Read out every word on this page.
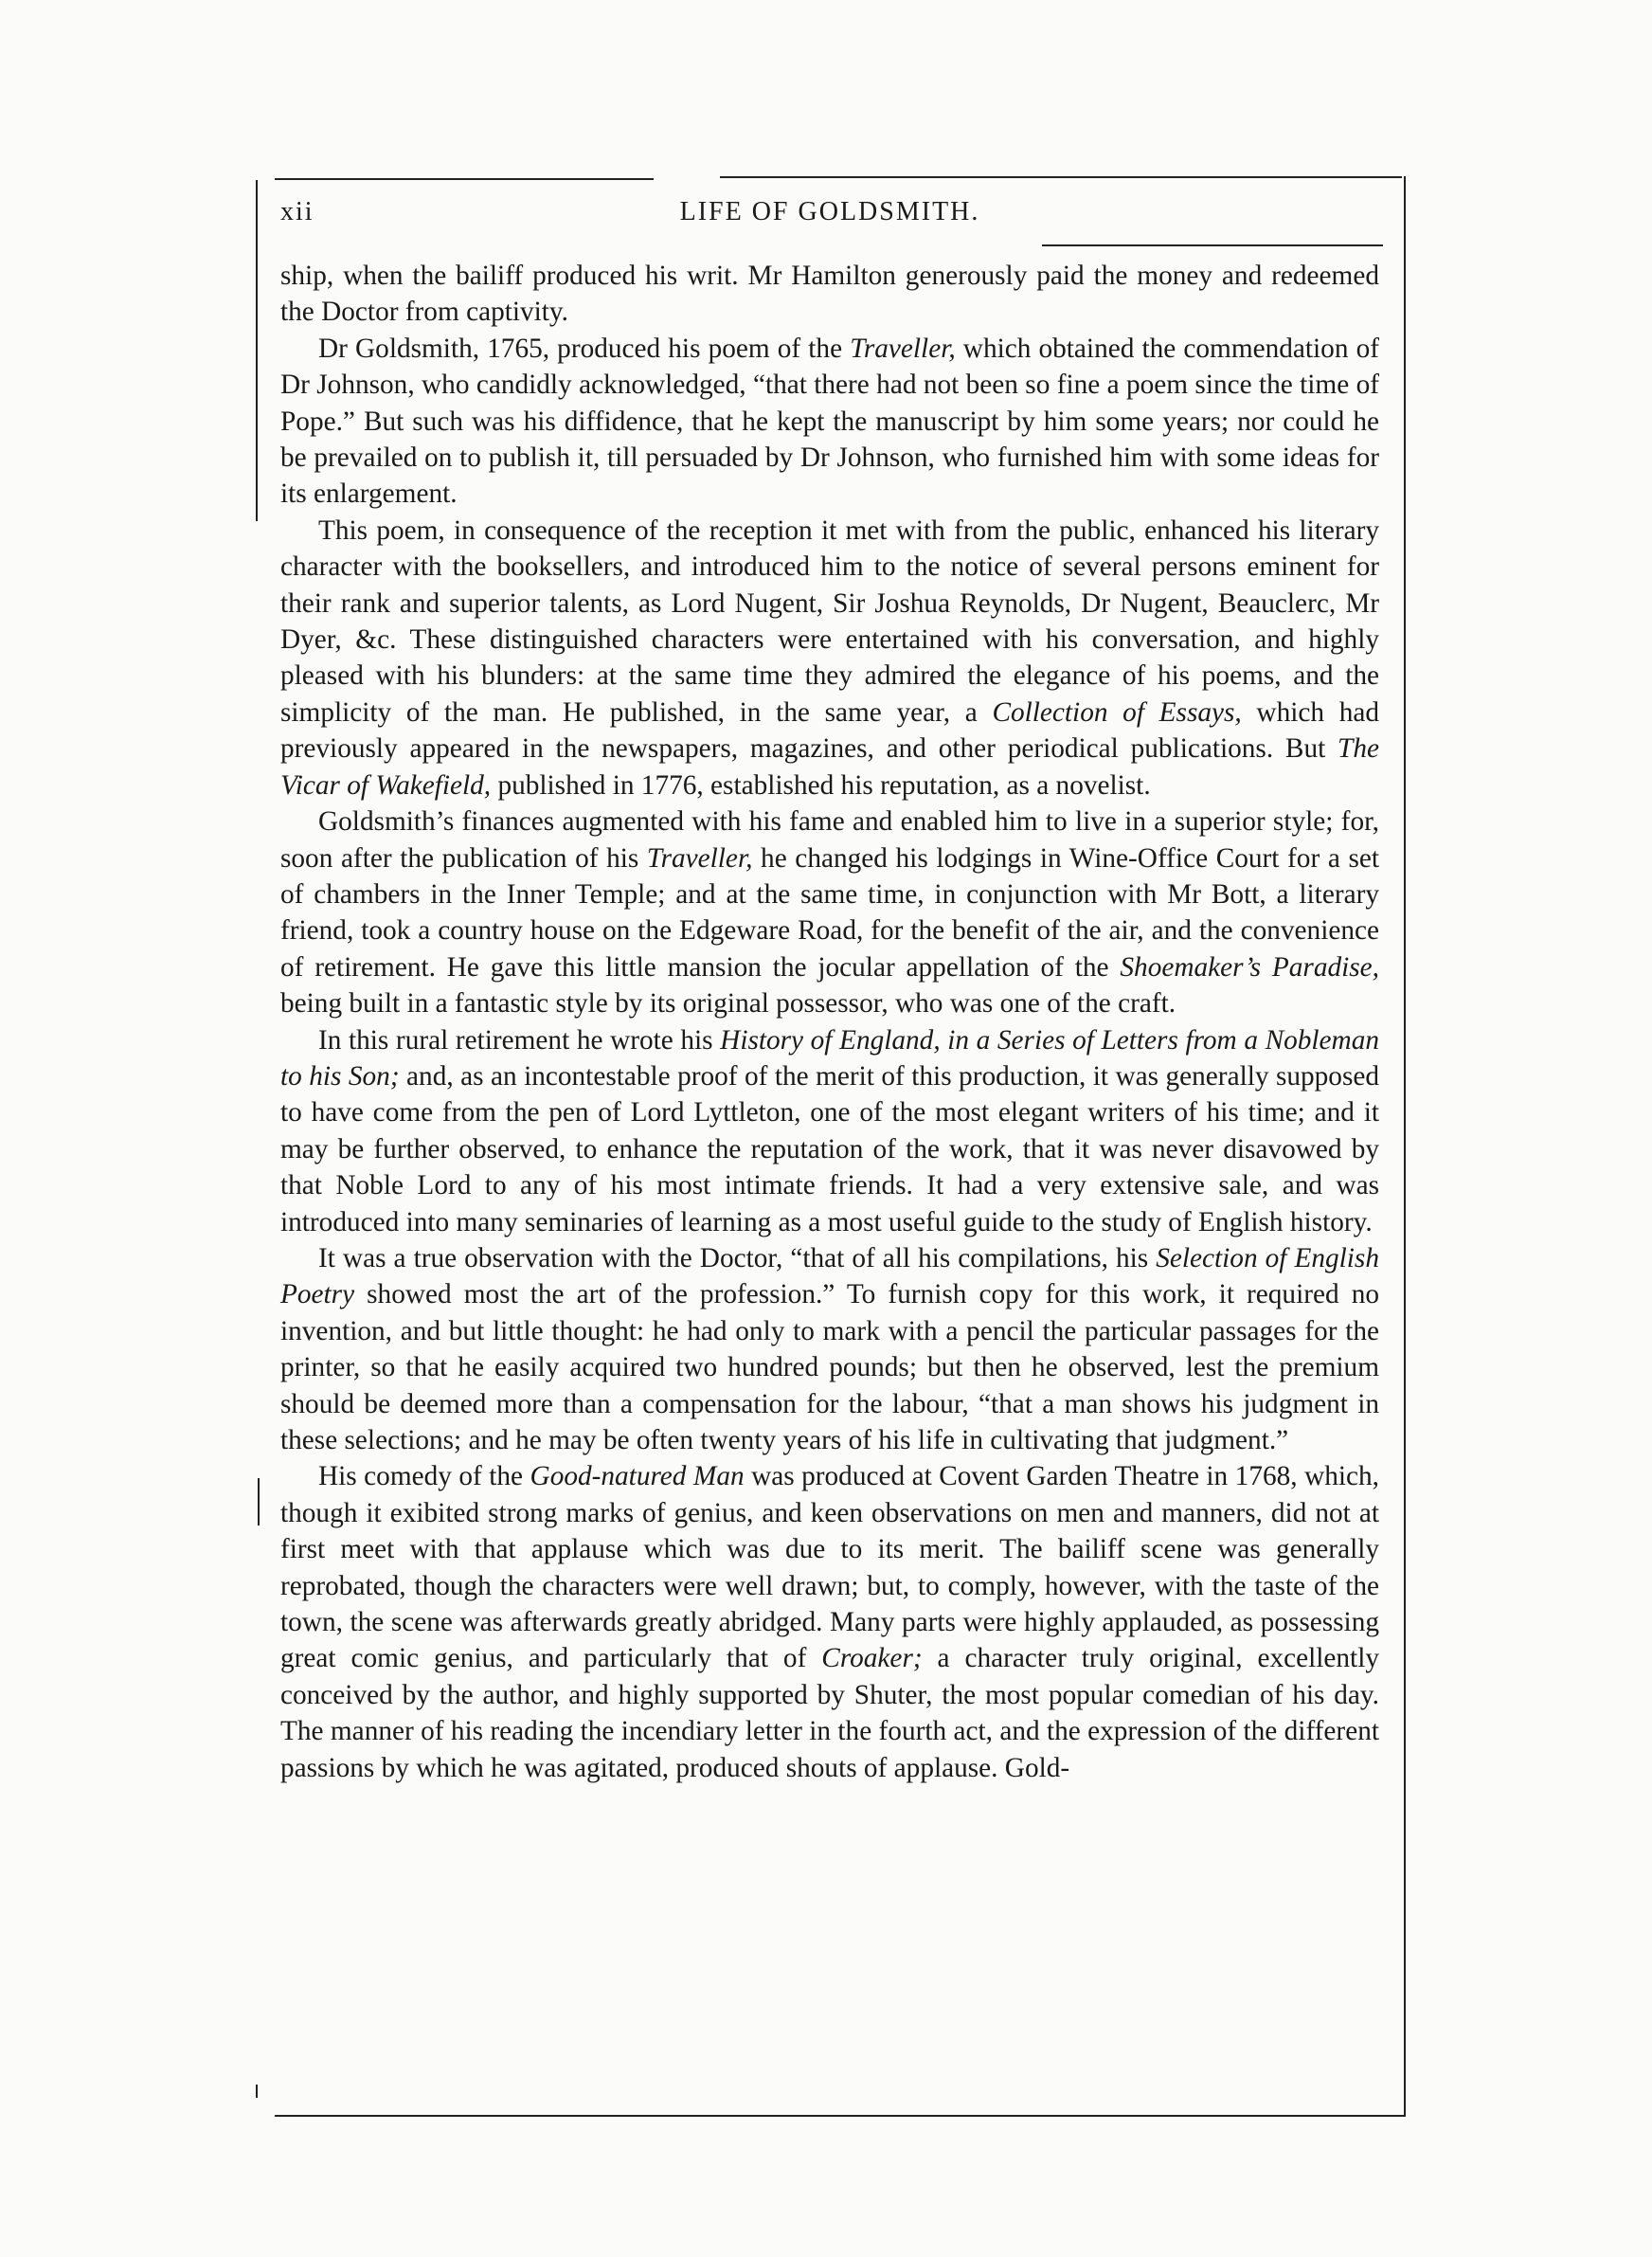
xii	LIFE OF GOLDSMITH.

ship, when the bailiff produced his writ. Mr Hamilton generously paid the money and redeemed the Doctor from captivity.

Dr Goldsmith, 1765, produced his poem of the Traveller, which obtained the commendation of Dr Johnson, who candidly acknowledged, “that there had not been so fine a poem since the time of Pope.” But such was his diffidence, that he kept the manuscript by him some years; nor could he be prevailed on to publish it, till persuaded by Dr Johnson, who furnished him with some ideas for its enlargement.

This poem, in consequence of the reception it met with from the public, enhanced his literary character with the booksellers, and introduced him to the notice of several persons eminent for their rank and superior talents, as Lord Nugent, Sir Joshua Reynolds, Dr Nugent, Beauclerc, Mr Dyer, &c. These distinguished characters were entertained with his conversation, and highly pleased with his blunders: at the same time they admired the elegance of his poems, and the simplicity of the man. He published, in the same year, a Collection of Essays, which had previously appeared in the newspapers, magazines, and other periodical publications. But The Vicar of Wakefield, published in 1776, established his reputation, as a novelist.

Goldsmith’s finances augmented with his fame and enabled him to live in a superior style; for, soon after the publication of his Traveller, he changed his lodgings in Wine-Office Court for a set of chambers in the Inner Temple; and at the same time, in conjunction with Mr Bott, a literary friend, took a country house on the Edgeware Road, for the benefit of the air, and the convenience of retirement. He gave this little mansion the jocular appellation of the Shoemaker’s Paradise, being built in a fantastic style by its original possessor, who was one of the craft.

In this rural retirement he wrote his History of England, in a Series of Letters from a Nobleman to his Son; and, as an incontestable proof of the merit of this production, it was generally supposed to have come from the pen of Lord Lyttleton, one of the most elegant writers of his time; and it may be further observed, to enhance the reputation of the work, that it was never disavowed by that Noble Lord to any of his most intimate friends. It had a very extensive sale, and was introduced into many seminaries of learning as a most useful guide to the study of English history.

It was a true observation with the Doctor, “that of all his compilations, his Selection of English Poetry showed most the art of the profession.” To furnish copy for this work, it required no invention, and but little thought: he had only to mark with a pencil the particular passages for the printer, so that he easily acquired two hundred pounds; but then he observed, lest the premium should be deemed more than a compensation for the labour, “that a man shows his judgment in these selections; and he may be often twenty years of his life in cultivating that judgment.”

His comedy of the Good-natured Man was produced at Covent Garden Theatre in 1768, which, though it exibited strong marks of genius, and keen observations on men and manners, did not at first meet with that applause which was due to its merit. The bailiff scene was generally reprobated, though the characters were well drawn; but, to comply, however, with the taste of the town, the scene was afterwards greatly abridged. Many parts were highly applauded, as possessing great comic genius, and particularly that of Croaker; a character truly original, excellently conceived by the author, and highly supported by Shuter, the most popular comedian of his day. The manner of his reading the incendiary letter in the fourth act, and the expression of the different passions by which he was agitated, produced shouts of applause. Gold-
